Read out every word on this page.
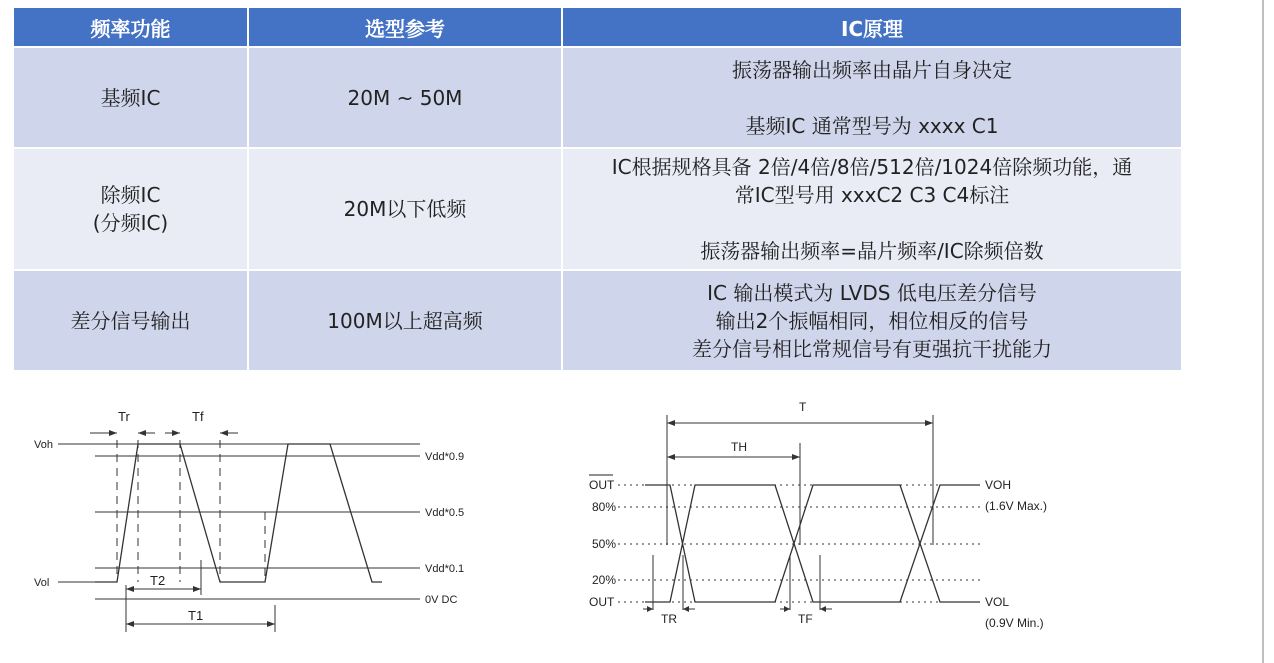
频率功能	选型参考	IC原理

基频IC	20M ~ 50M	振荡器输出频率由晶片自身决定
基频IC 通常型号为 xxxx C1

除频IC
(分频IC)	20M以下低频	IC根据规格具备 2倍/4倍/8倍/512倍/1024倍除频功能，通
常IC型号用 xxxC2 C3 C4标注
振荡器输出频率=晶片频率/IC除频倍数

差分信号输出	100M以上超高频	IC 输出模式为 LVDS 低电压差分信号
输出2个振幅相同，相位相反的信号
差分信号相比常规信号有更强抗干扰能力
Voh
Vol
Tr	Tf
T2
T1
Vdd*0.9
Vdd*0.5
Vdd*0.1
0V DC
T
TH
OUT
80%
50%
20%
OUT
TR	TF
VOH
(1.6V Max.)
VOL
(0.9V Min.)
